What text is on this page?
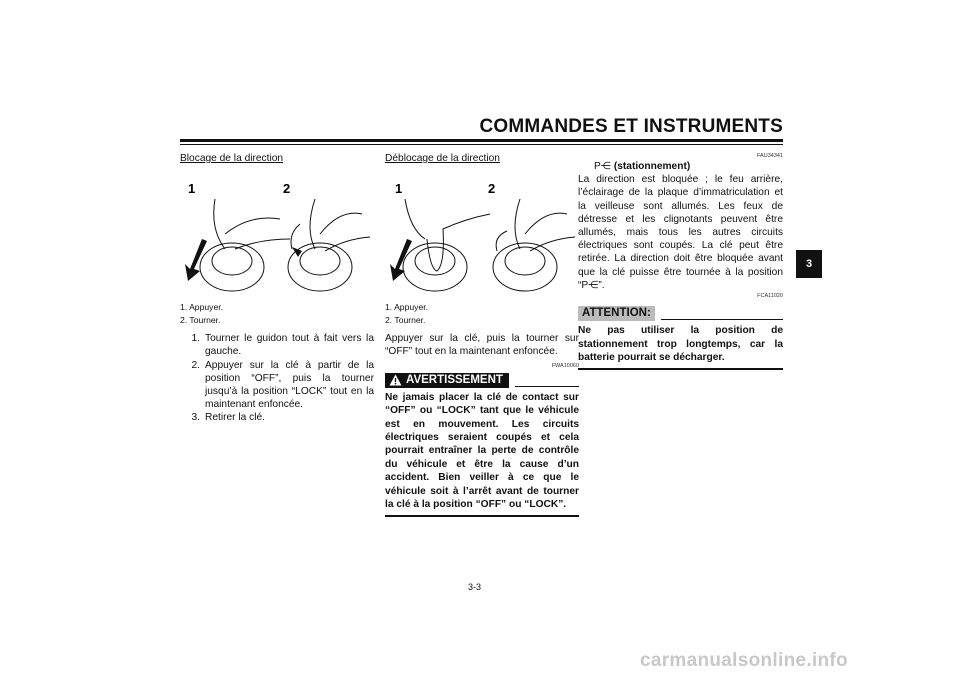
COMMANDES ET INSTRUMENTS
Blocage de la direction
1	2
1. Appuyer.
2. Tourner.
1. Tourner le guidon tout à fait vers la gauche.
2. Appuyer sur la clé à partir de la position “OFF”, puis la tourner jusqu’à la position “LOCK” tout en la maintenant enfoncée.
3. Retirer la clé.
Déblocage de la direction
1	2
1. Appuyer.
2. Tourner.
Appuyer sur la clé, puis la tourner sur “OFF” tout en la maintenant enfoncée.
FWA10060
AVERTISSEMENT
Ne jamais placer la clé de contact sur “OFF” ou “LOCK” tant que le véhicule est en mouvement. Les circuits électriques seraient coupés et cela pourrait entraîner la perte de contrôle du véhicule et être la cause d’un accident. Bien veiller à ce que le véhicule soit à l’arrêt avant de tourner la clé à la position “OFF” ou “LOCK”.
FAU34341
P⋲ (stationnement)
La direction est bloquée ; le feu arrière, l’éclairage de la plaque d’immatriculation et la veilleuse sont allumés. Les feux de détresse et les clignotants peuvent être allumés, mais tous les autres circuits électriques sont coupés. La clé peut être retirée. La direction doit être bloquée avant que la clé puisse être tournée à la position “P⋲”.
FCA11020
ATTENTION:
Ne pas utiliser la position de stationnement trop longtemps, car la batterie pourrait se décharger.
3
3-3
carmanualsonline.info
